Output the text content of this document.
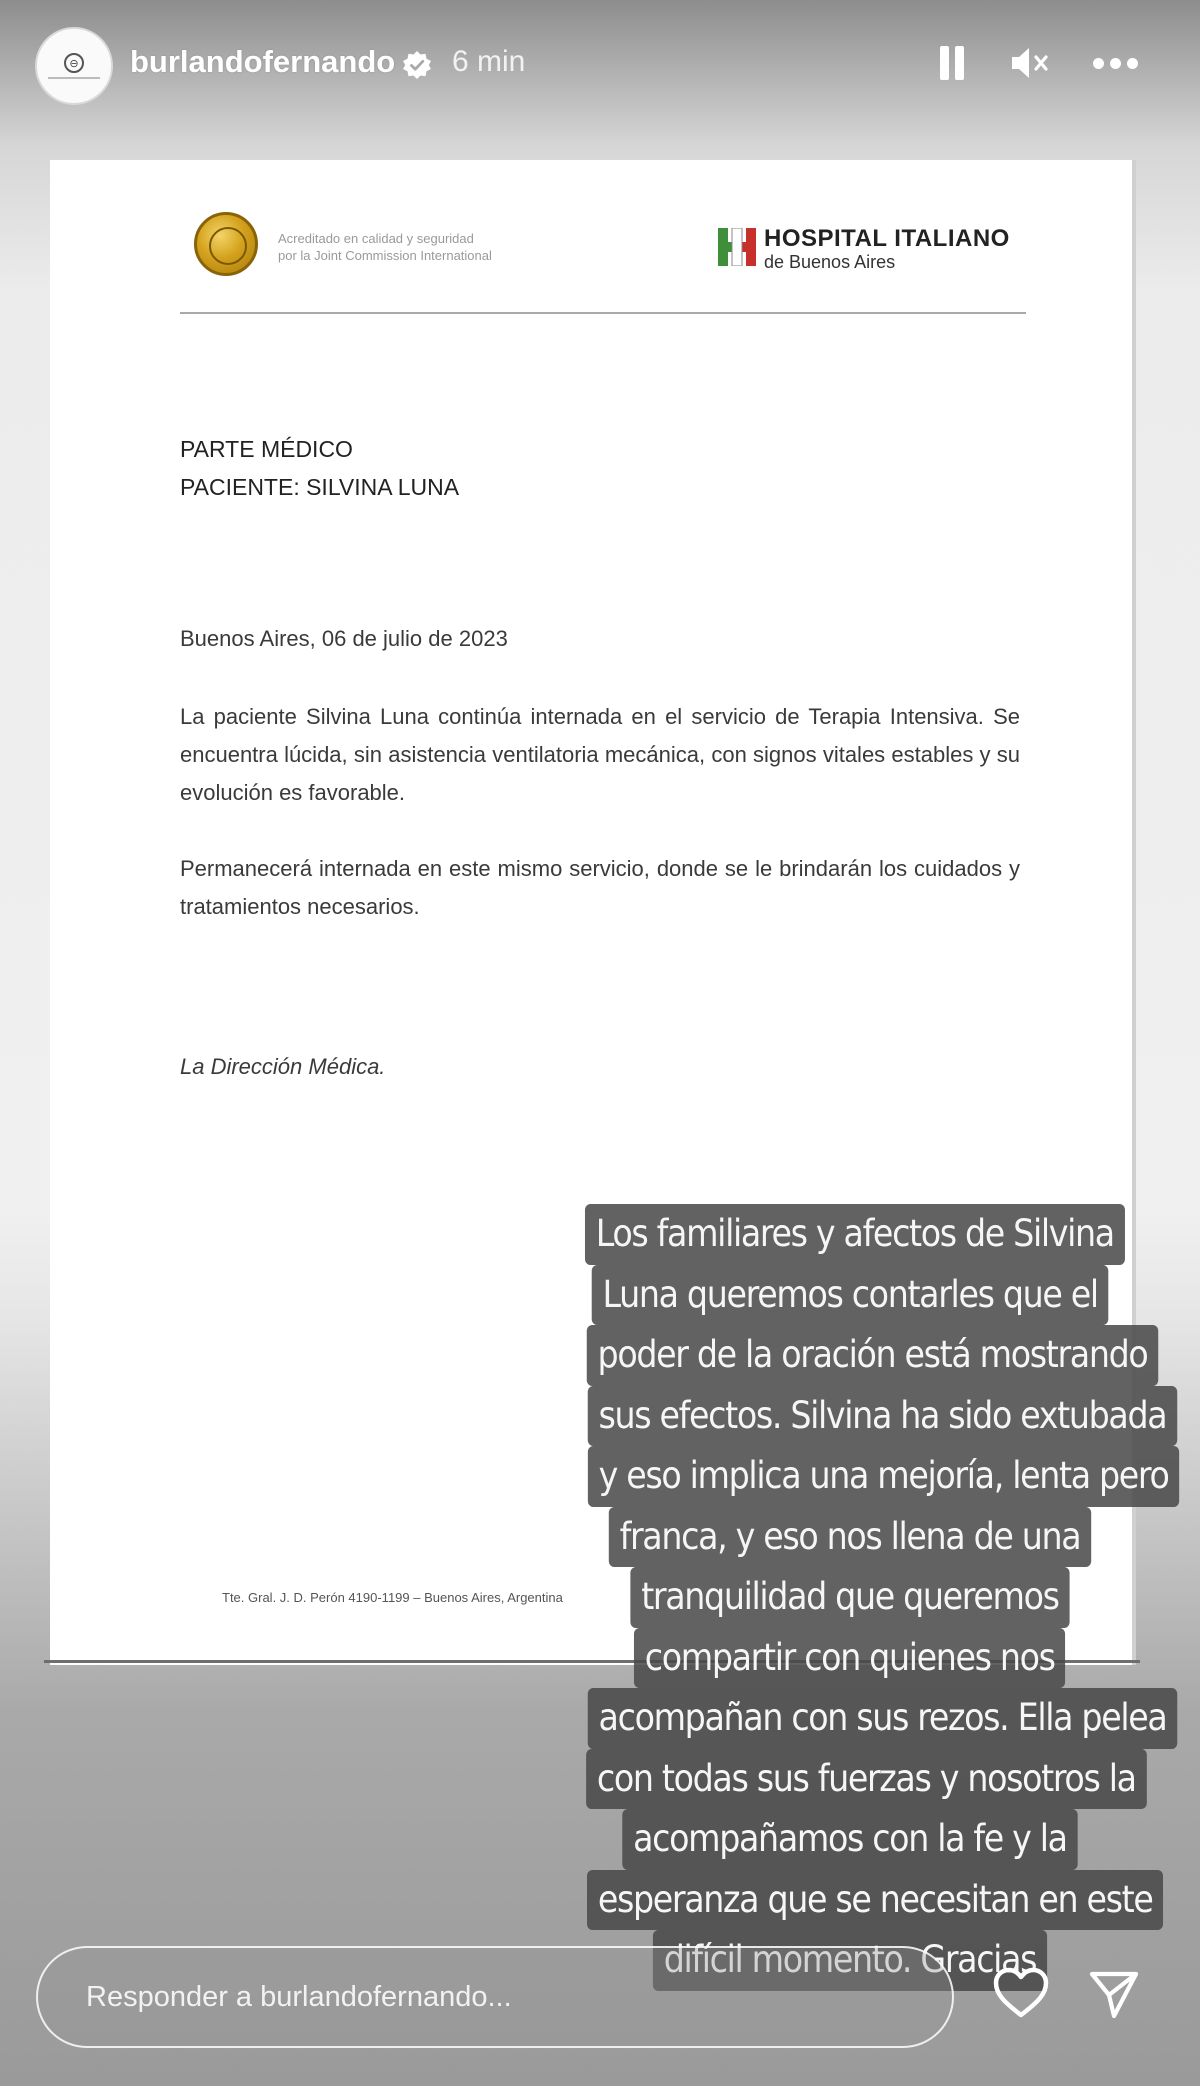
⊖ burlandofernando 6 min
Acreditado en calidad y seguridad
por la Joint Commission International
HOSPITAL ITALIANO
de Buenos Aires
PARTE MÉDICO
PACIENTE: SILVINA LUNA
Buenos Aires, 06 de julio de 2023
La paciente Silvina Luna continúa internada en el servicio de Terapia Intensiva. Se encuentra lúcida, sin asistencia ventilatoria mecánica, con signos vitales estables y su evolución es favorable.
Permanecerá internada en este mismo servicio, donde se le brindarán los cuidados y tratamientos necesarios.
La Dirección Médica.
Tte. Gral. J. D. Perón 4190-1199 – Buenos Aires, Argentina
Los familiares y afectos de Silvina
Luna queremos contarles que el
poder de la oración está mostrando
sus efectos. Silvina ha sido extubada
y eso implica una mejoría, lenta pero
franca, y eso nos llena de una
tranquilidad que queremos
compartir con quienes nos
acompañan con sus rezos. Ella pelea
con todas sus fuerzas y nosotros la
acompañamos con la fe y la
esperanza que se necesitan en este
difícil momento. Gracias
Responder a burlandofernando...
